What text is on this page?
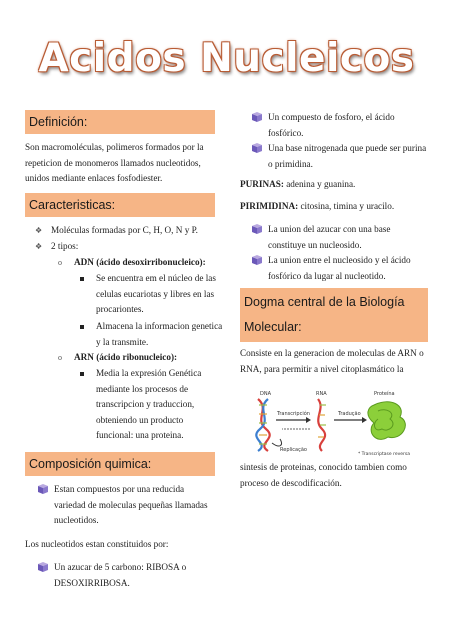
Acidos Nucleicos
Definición:
Son macromoléculas, polimeros formados por la repeticion de monomeros llamados nucleotidos, unidos mediante enlaces fosfodiester.
Caracteristicas:
❖ Moléculas formadas por C, H, O, N y P.
❖ 2 tipos:
o	ADN (ácido desoxirribonucleico):
Se encuentra em el núcleo de las celulas eucariotas y libres en las procariontes.
Almacena la informacion genetica y la transmite.
o	ARN (ácido ribonucleico):
Media la expresión Genética mediante los procesos de transcripcion y traduccion, obteniendo un producto funcional: una proteina.
Composición quimica:
Estan compuestos por una reducida variedad de moleculas pequeñas llamadas nucleotidos.
Los nucleotidos estan constituidos por:
Un azucar de 5 carbono: RIBOSA o DESOXIRRIBOSA.
Un compuesto de fosforo, el ácido fosfórico.
Una base nitrogenada que puede ser purina o primidina.
PURINAS: adenina y guanina.
PIRIMIDINA: citosina, timina y uracilo.
La union del azucar con una base constituye un nucleosido.
La union entre el nucleosido y el ácido fosfórico da lugar al nucleotido.
Dogma central de la Biología
Molecular:
Consiste en la generacion de moleculas de ARN o RNA, para permitir a nivel citoplasmático la
DNA	RNA	Proteína
Transcripción
Replicação
Tradução
* Transcriptase reversa
sintesis de proteinas, conocido tambien como proceso de descodificación.
